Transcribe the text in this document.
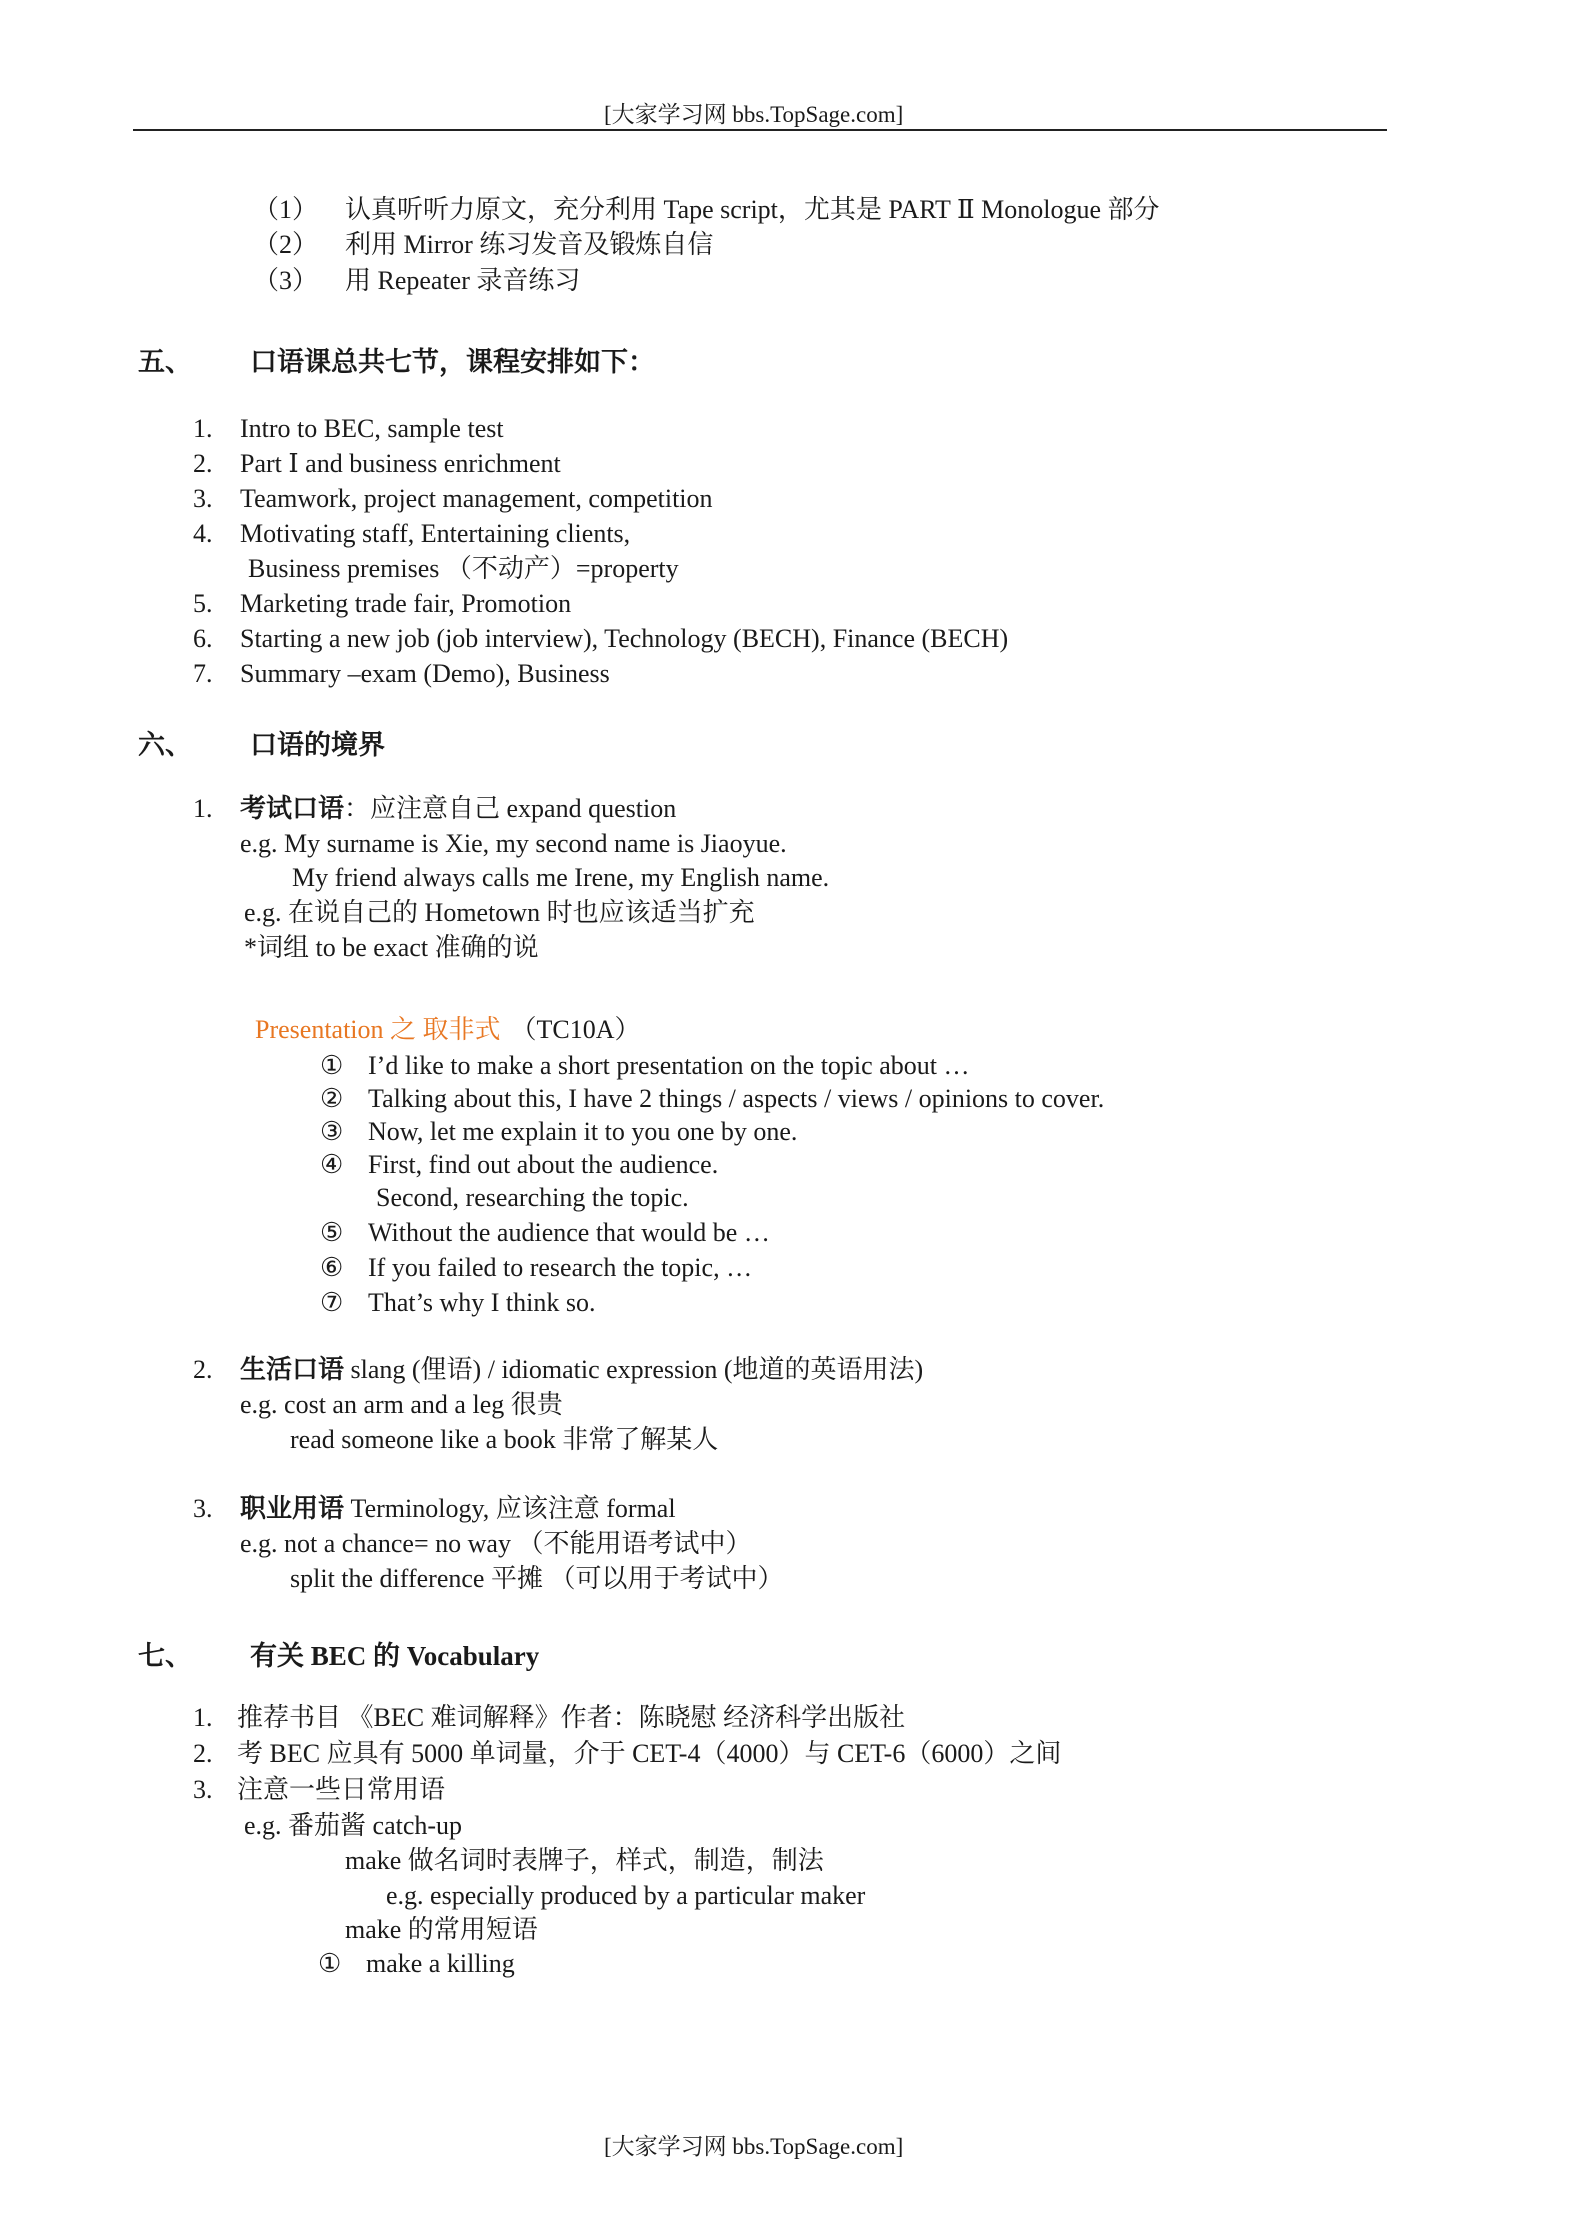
[大家学习网 bbs.TopSage.com]
（1） 认真听听力原文，充分利用 Tape script，尤其是 PART Ⅱ Monologue 部分
（2） 利用 Mirror 练习发音及锻炼自信
（3） 用 Repeater 录音练习
五、 口语课总共七节，课程安排如下：
1. Intro to BEC, sample test
2. Part Ⅰ and business enrichment
3. Teamwork, project management, competition
4. Motivating staff, Entertaining clients,
Business premises （不动产）=property
5. Marketing trade fair, Promotion
6. Starting a new job (job interview), Technology (BECH), Finance (BECH)
7. Summary –exam (Demo), Business
六、 口语的境界
1. 考试口语：应注意自己 expand question
e.g. My surname is Xie, my second name is Jiaoyue.
My friend always calls me Irene, my English name.
e.g. 在说自己的 Hometown 时也应该适当扩充
*词组 to be exact 准确的说
Presentation 之 取非式 （TC10A）
① I’d like to make a short presentation on the topic about …
② Talking about this, I have 2 things / aspects / views / opinions to cover.
③ Now, let me explain it to you one by one.
④ First, find out about the audience.
Second, researching the topic.
⑤ Without the audience that would be …
⑥ If you failed to research the topic, …
⑦ That’s why I think so.
2. 生活口语 slang (俚语) / idiomatic expression (地道的英语用法)
e.g. cost an arm and a leg 很贵
read someone like a book 非常了解某人
3. 职业用语 Terminology, 应该注意 formal
e.g. not a chance= no way （不能用语考试中）
split the difference 平摊 （可以用于考试中）
七、 有关 BEC 的 Vocabulary
1. 推荐书目 《BEC 难词解释》作者：陈晓慰 经济科学出版社
2. 考 BEC 应具有 5000 单词量，介于 CET-4（4000）与 CET-6（6000）之间
3. 注意一些日常用语
e.g. 番茄酱 catch-up
make 做名词时表牌子，样式，制造，制法
e.g. especially produced by a particular maker
make 的常用短语
① make a killing
[大家学习网 bbs.TopSage.com]
